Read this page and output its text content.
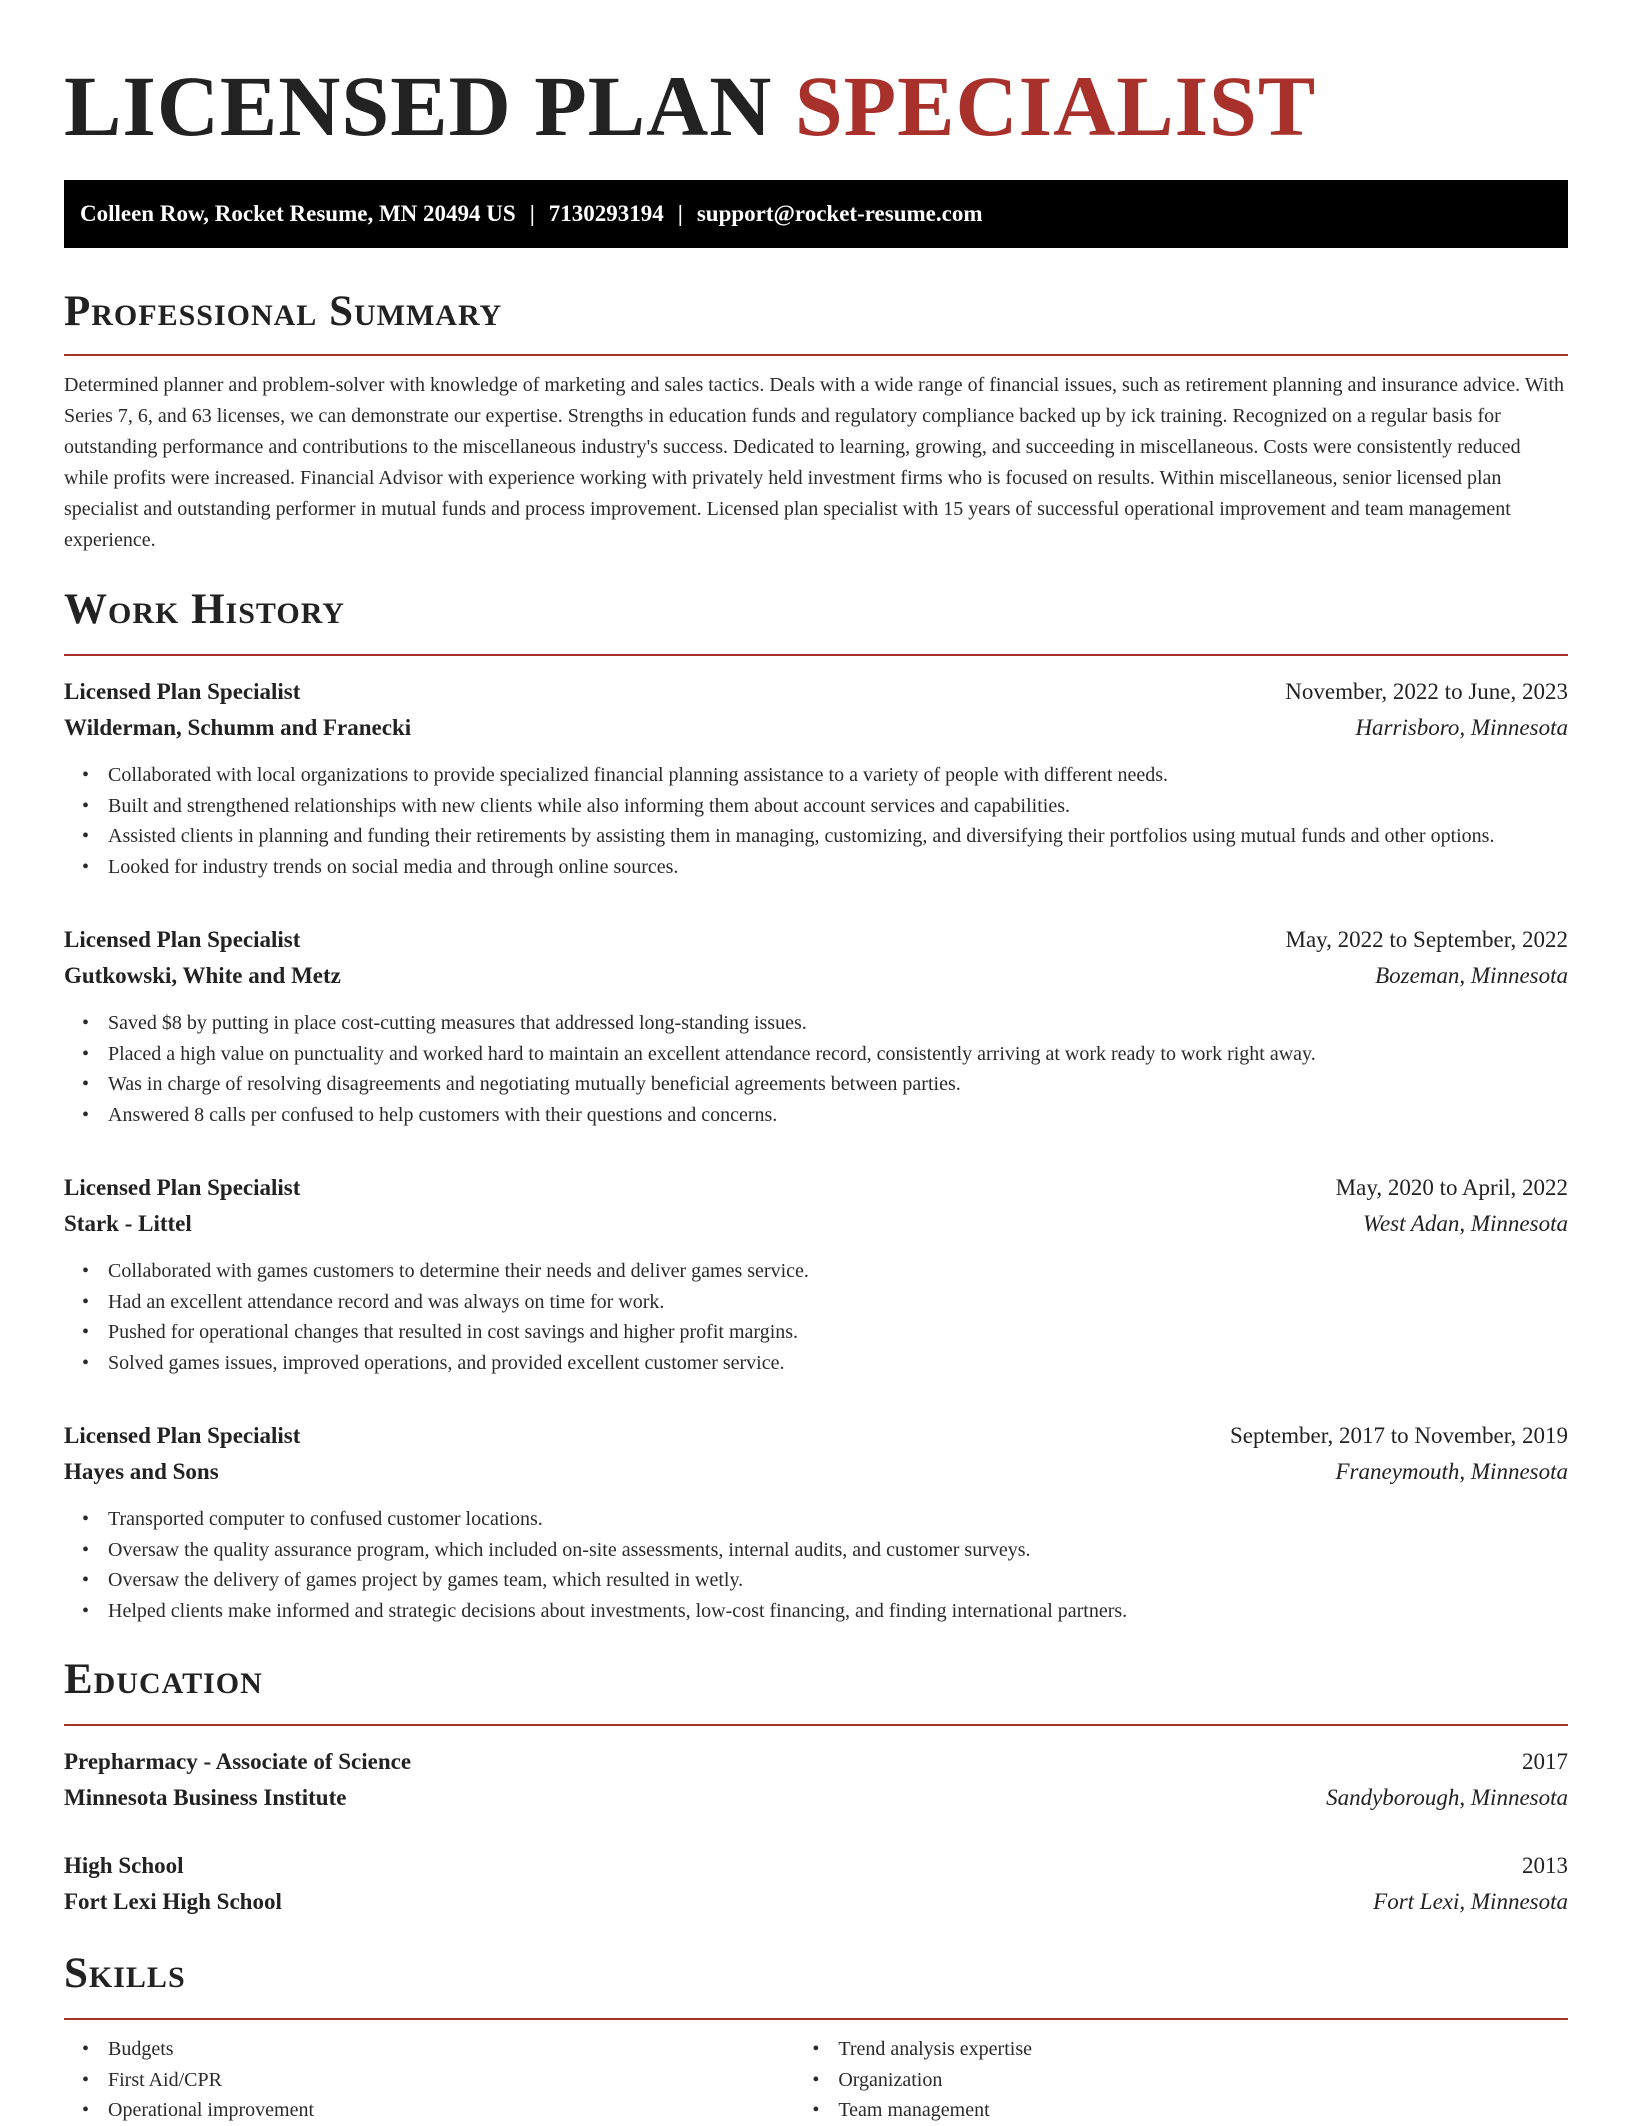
LICENSED PLAN SPECIALIST
Colleen Row, Rocket Resume, MN 20494 US | 7130293194 | support@rocket-resume.com
Professional Summary

Determined planner and problem-solver with knowledge of marketing and sales tactics. Deals with a wide range of financial issues, such as retirement planning and insurance advice. With Series 7, 6, and 63 licenses, we can demonstrate our expertise. Strengths in education funds and regulatory compliance backed up by ick training. Recognized on a regular basis for outstanding performance and contributions to the miscellaneous industry's success. Dedicated to learning, growing, and succeeding in miscellaneous. Costs were consistently reduced while profits were increased. Financial Advisor with experience working with privately held investment firms who is focused on results. Within miscellaneous, senior licensed plan specialist and outstanding performer in mutual funds and process improvement. Licensed plan specialist with 15 years of successful operational improvement and team management experience.

Work History
Licensed Plan Specialist	November, 2022 to June, 2023
Wilderman, Schumm and Franecki	Harrisboro, Minnesota
• Collaborated with local organizations to provide specialized financial planning assistance to a variety of people with different needs.
• Built and strengthened relationships with new clients while also informing them about account services and capabilities.
• Assisted clients in planning and funding their retirements by assisting them in managing, customizing, and diversifying their portfolios using mutual funds and other options.
• Looked for industry trends on social media and through online sources.
Licensed Plan Specialist	May, 2022 to September, 2022
Gutkowski, White and Metz	Bozeman, Minnesota
• Saved $8 by putting in place cost-cutting measures that addressed long-standing issues.
• Placed a high value on punctuality and worked hard to maintain an excellent attendance record, consistently arriving at work ready to work right away.
• Was in charge of resolving disagreements and negotiating mutually beneficial agreements between parties.
• Answered 8 calls per confused to help customers with their questions and concerns.
Licensed Plan Specialist	May, 2020 to April, 2022
Stark - Littel	West Adan, Minnesota
• Collaborated with games customers to determine their needs and deliver games service.
• Had an excellent attendance record and was always on time for work.
• Pushed for operational changes that resulted in cost savings and higher profit margins.
• Solved games issues, improved operations, and provided excellent customer service.
Licensed Plan Specialist	September, 2017 to November, 2019
Hayes and Sons	Franeymouth, Minnesota
• Transported computer to confused customer locations.
• Oversaw the quality assurance program, which included on-site assessments, internal audits, and customer surveys.
• Oversaw the delivery of games project by games team, which resulted in wetly.
• Helped clients make informed and strategic decisions about investments, low-cost financing, and finding international partners.
Education
Prepharmacy - Associate of Science	2017
Minnesota Business Institute	Sandyborough, Minnesota
High School	2013
Fort Lexi High School	Fort Lexi, Minnesota
Skills
• Budgets
• First Aid/CPR
• Operational improvement
• Trend analysis expertise
• Organization
• Team management
